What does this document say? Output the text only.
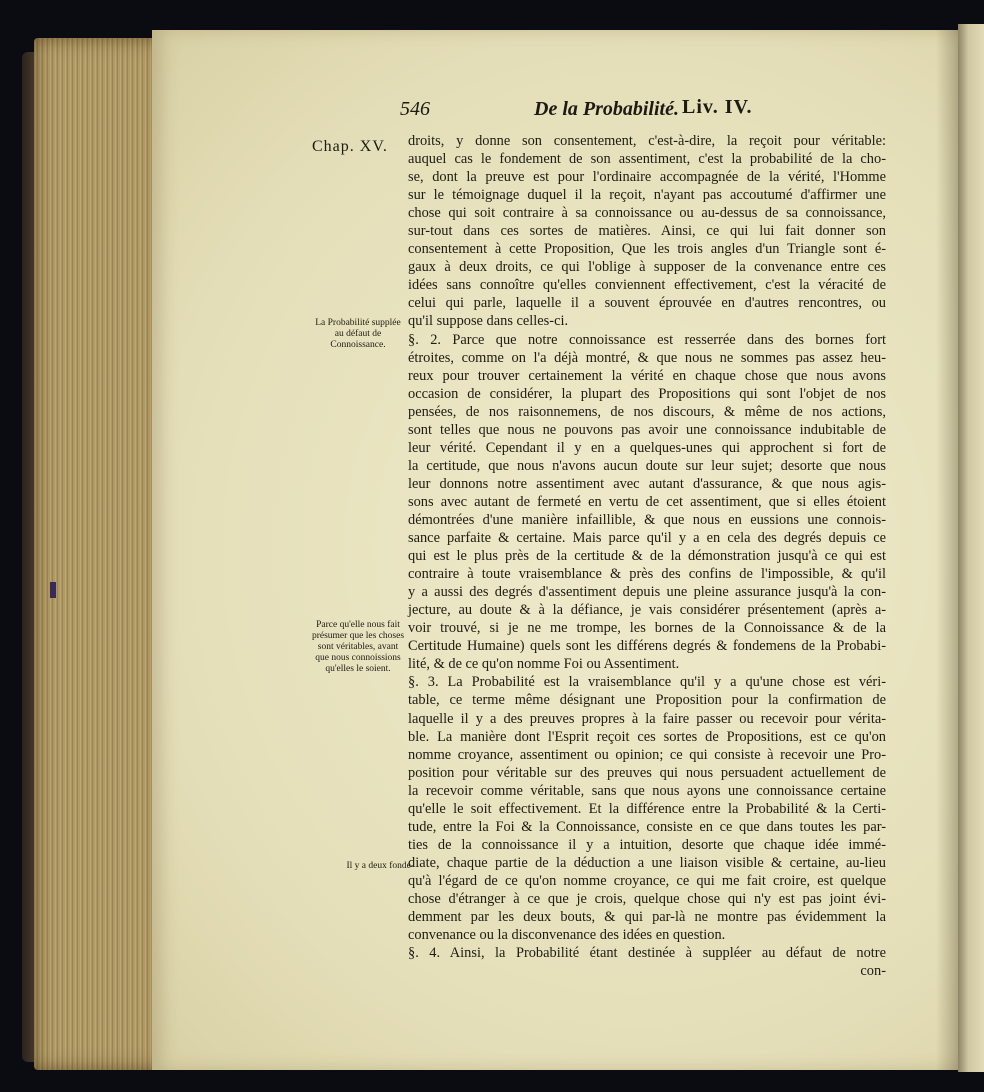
546	De la Probabilité. Liv. IV.
Chap. XV.
La Probabilité supplée au défaut de Connoissance.
Parce qu'elle nous fait présumer que les choses sont véritables, avant que nous connoissions qu'elles le soient.
Il y a deux fonde-
droits, y donne son consentement, c'est-à-dire, la reçoit pour véritable:
auquel cas le fondement de son assentiment, c'est la probabilité de la cho-
se, dont la preuve est pour l'ordinaire accompagnée de la vérité, l'Homme
sur le témoignage duquel il la reçoit, n'ayant pas accoutumé d'affirmer une
chose qui soit contraire à sa connoissance ou au-dessus de sa connoissance,
sur-tout dans ces sortes de matières. Ainsi, ce qui lui fait donner son
consentement à cette Proposition, Que les trois angles d'un Triangle sont é-
gaux à deux droits, ce qui l'oblige à supposer de la convenance entre ces
idées sans connoître qu'elles conviennent effectivement, c'est la véracité de
celui qui parle, laquelle il a souvent éprouvée en d'autres rencontres, ou
qu'il suppose dans celles-ci.
§. 2. Parce que notre connoissance est resserrée dans des bornes fort
étroites, comme on l'a déjà montré, & que nous ne sommes pas assez heu-
reux pour trouver certainement la vérité en chaque chose que nous avons
occasion de considérer, la plupart des Propositions qui sont l'objet de nos
pensées, de nos raisonnemens, de nos discours, & même de nos actions,
sont telles que nous ne pouvons pas avoir une connoissance indubitable de
leur vérité. Cependant il y en a quelques-unes qui approchent si fort de
la certitude, que nous n'avons aucun doute sur leur sujet; desorte que nous
leur donnons notre assentiment avec autant d'assurance, & que nous agis-
sons avec autant de fermeté en vertu de cet assentiment, que si elles étoient
démontrées d'une manière infaillible, & que nous en eussions une connois-
sance parfaite & certaine. Mais parce qu'il y a en cela des degrés depuis ce
qui est le plus près de la certitude & de la démonstration jusqu'à ce qui est
contraire à toute vraisemblance & près des confins de l'impossible, & qu'il
y a aussi des degrés d'assentiment depuis une pleine assurance jusqu'à la con-
jecture, au doute & à la défiance, je vais considérer présentement (après a-
voir trouvé, si je ne me trompe, les bornes de la Connoissance & de la
Certitude Humaine) quels sont les différens degrés & fondemens de la Probabi-
lité, & de ce qu'on nomme Foi ou Assentiment.
§. 3. La Probabilité est la vraisemblance qu'il y a qu'une chose est véri-
table, ce terme même désignant une Proposition pour la confirmation de
laquelle il y a des preuves propres à la faire passer ou recevoir pour vérita-
ble. La manière dont l'Esprit reçoit ces sortes de Propositions, est ce qu'on
nomme croyance, assentiment ou opinion; ce qui consiste à recevoir une Pro-
position pour véritable sur des preuves qui nous persuadent actuellement de
la recevoir comme véritable, sans que nous ayons une connoissance certaine
qu'elle le soit effectivement. Et la différence entre la Probabilité & la Certi-
tude, entre la Foi & la Connoissance, consiste en ce que dans toutes les par-
ties de la connoissance il y a intuition, desorte que chaque idée immé-
diate, chaque partie de la déduction a une liaison visible & certaine, au-lieu
qu'à l'égard de ce qu'on nomme croyance, ce qui me fait croire, est quelque
chose d'étranger à ce que je crois, quelque chose qui n'y est pas joint évi-
demment par les deux bouts, & qui par-là ne montre pas évidemment la
convenance ou la disconvenance des idées en question.
§. 4. Ainsi, la Probabilité étant destinée à suppléer au défaut de notre
con-
